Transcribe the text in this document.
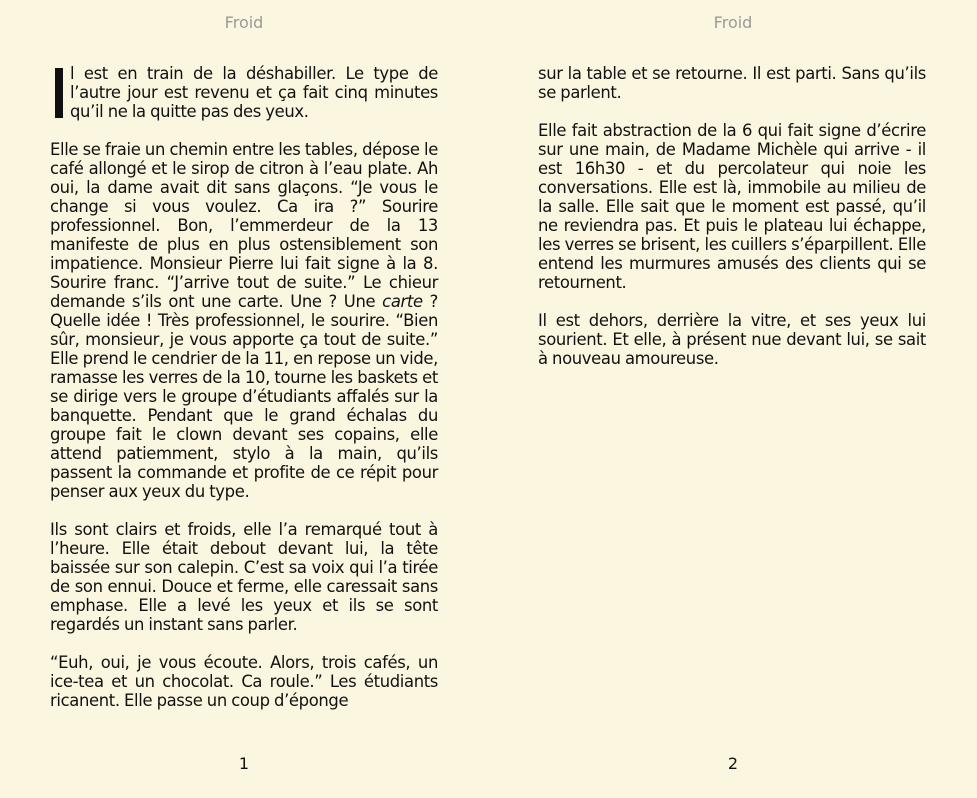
Froid

l est en train de la déshabiller. Le type de l’autre jour est revenu et ça fait cinq minutes qu’il ne la quitte pas des yeux.

Elle se fraie un chemin entre les tables, dépose le café allongé et le sirop de citron à l’eau plate. Ah oui, la dame avait dit sans glaçons. “Je vous le change si vous voulez. Ca ira ?” Sourire professionnel. Bon, l’emmerdeur de la 13 manifeste de plus en plus ostensiblement son impatience. Monsieur Pierre lui fait signe à la 8. Sourire franc. “J’arrive tout de suite.” Le chieur demande s’ils ont une carte. Une ? Une carte ? Quelle idée ! Très professionnel, le sourire. “Bien sûr, monsieur, je vous apporte ça tout de suite.” Elle prend le cendrier de la 11, en repose un vide, ramasse les verres de la 10, tourne les baskets et se dirige vers le groupe d’étudiants affalés sur la banquette. Pendant que le grand échalas du groupe fait le clown devant ses copains, elle attend patiemment, stylo à la main, qu’ils passent la commande et profite de ce répit pour penser aux yeux du type.

Ils sont clairs et froids, elle l’a remarqué tout à l’heure. Elle était debout devant lui, la tête baissée sur son calepin. C’est sa voix qui l’a tirée de son ennui. Douce et ferme, elle caressait sans emphase. Elle a levé les yeux et ils se sont regardés un instant sans parler.

“Euh, oui, je vous écoute. Alors, trois cafés, un ice-tea et un chocolat. Ca roule.” Les étudiants ricanent. Elle passe un coup d’éponge

1
Froid

sur la table et se retourne. Il est parti. Sans qu’ils se parlent.

Elle fait abstraction de la 6 qui fait signe d’écrire sur une main, de Madame Michèle qui arrive - il est 16h30 - et du percolateur qui noie les conversations. Elle est là, immobile au milieu de la salle. Elle sait que le moment est passé, qu’il ne reviendra pas. Et puis le plateau lui échappe, les verres se brisent, les cuillers s’éparpillent. Elle entend les murmures amusés des clients qui se retournent.

Il est dehors, derrière la vitre, et ses yeux lui sourient. Et elle, à présent nue devant lui, se sait à nouveau amoureuse.

2
